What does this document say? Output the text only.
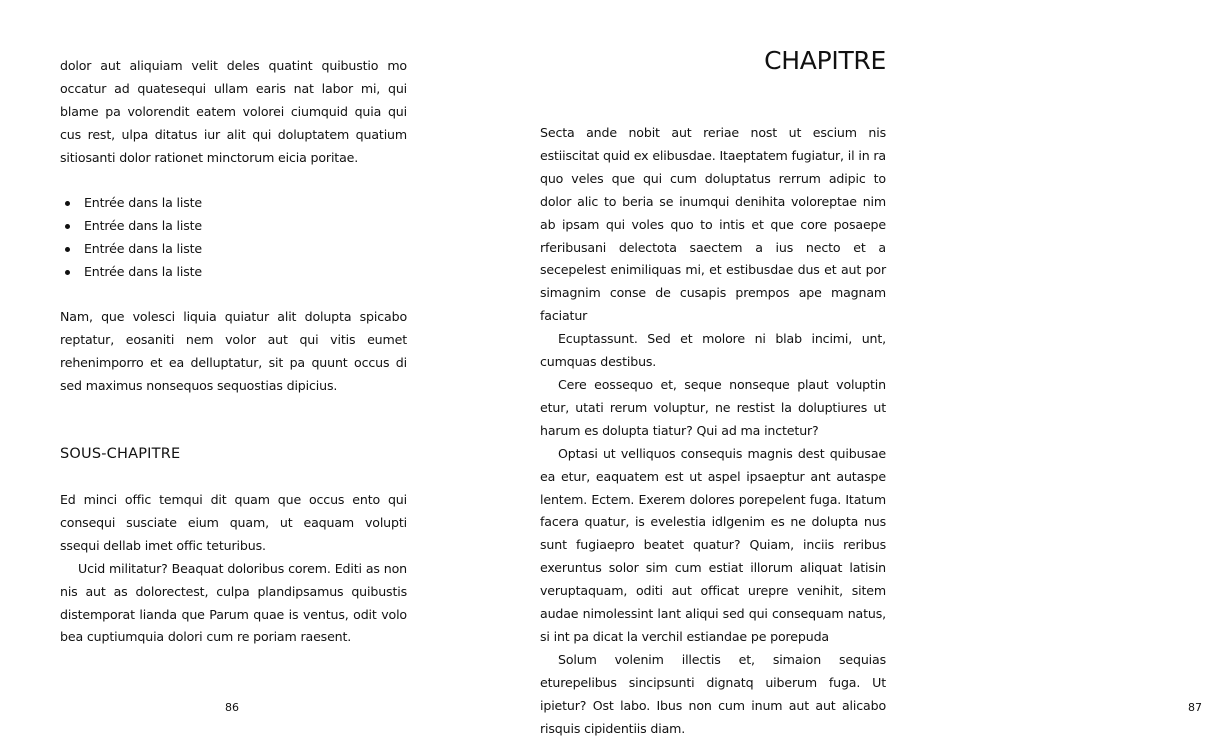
dolor aut aliquiam velit deles quatint quibustio mo occatur ad quatesequi ullam earis nat labor mi, qui blame pa volorendit eatem volorei ciumquid quia qui cus rest, ulpa ditatus iur alit qui doluptatem quatium sitiosanti dolor rationet minctorum eicia poritae.

Entrée dans la liste
Entrée dans la liste
Entrée dans la liste
Entrée dans la liste

Nam, que volesci liquia quiatur alit dolupta spicabo reptatur, eosaniti nem volor aut qui vitis eumet rehenimporro et ea delluptatur, sit pa quunt occus di sed maximus nonsequos sequostias dipicius.

SOUS-CHAPITRE

Ed minci offic temqui dit quam que occus ento qui consequi susciate eium quam, ut eaquam volupti ssequi dellab imet offic teturibus.

Ucid militatur? Beaquat doloribus corem. Editi as non nis aut as dolorectest, culpa plandipsamus quibustis distemporat lianda que Parum quae is ventus, odit volo bea cuptiumquia dolori cum re poriam raesent.

86
CHAPITRE
87

Secta ande nobit aut reriae nost ut escium nis estiiscitat quid ex elibusdae. Itaeptatem fugiatur, il in ra quo veles que qui cum doluptatus rerrum adipic to dolor alic to beria se inumqui denihita voloreptae nim ab ipsam qui voles quo to intis et que core posaepe rferibusani delectota saectem a ius necto et a secepelest enimiliquas mi, et estibusdae dus et aut por simagnim conse de cusapis prempos ape magnam faciatur

Ecuptassunt. Sed et molore ni blab incimi, unt, cumquas destibus.

Cere eossequo et, seque nonseque plaut voluptin etur, utati rerum voluptur, ne restist la doluptiures ut harum es dolupta tiatur? Qui ad ma inctetur?

Optasi ut velliquos consequis magnis dest quibusae ea etur, eaquatem est ut aspel ipsaeptur ant autaspe lentem. Ectem. Exerem dolores porepelent fuga. Itatum facera quatur, is evelestia idlgenim es ne dolupta nus sunt fugiaepro beatet quatur? Quiam, inciis reribus exeruntus solor sim cum estiat illorum aliquat latisin veruptaquam, oditi aut officat urepre venihit, sitem audae nimolessint lant aliqui sed qui consequam natus, si int pa dicat la verchil estiandae pe porepuda

Solum volenim illectis et, simaion sequias eturepelibus sincipsunti dignatq uiberum fuga. Ut ipietur? Ost labo. Ibus non cum inum aut aut alicabo risquis cipidentiis diam.
